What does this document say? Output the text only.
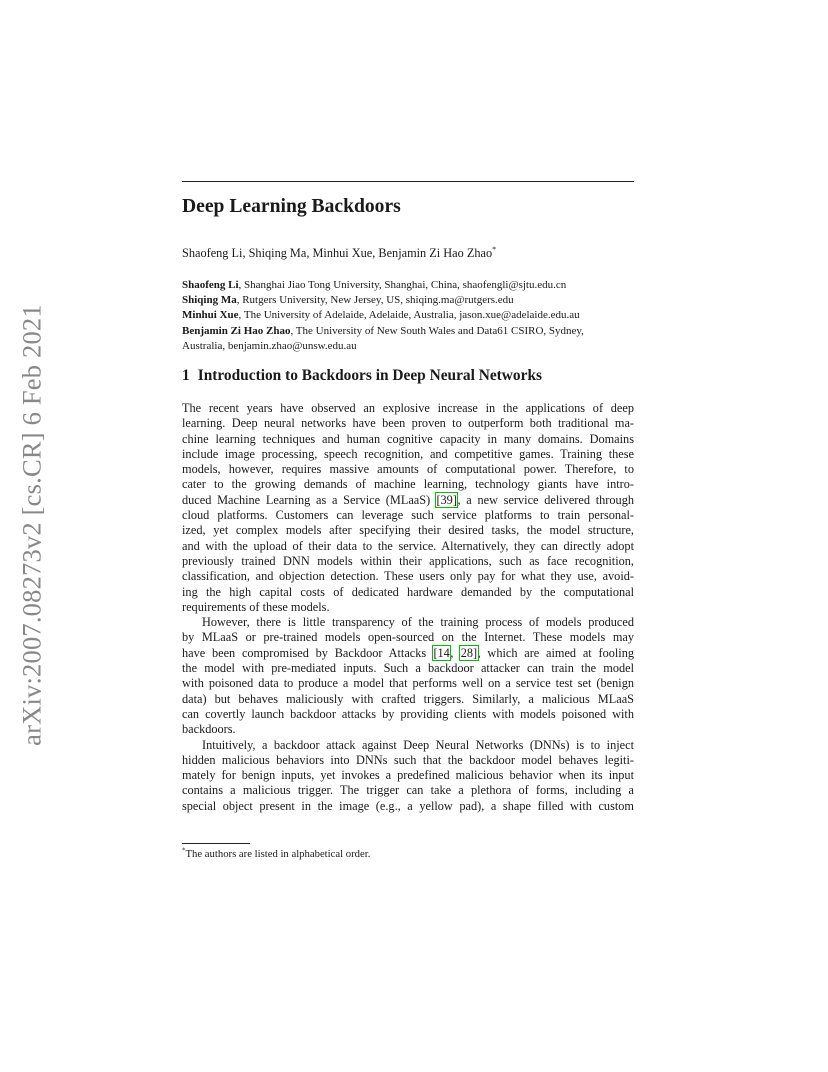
arXiv:2007.08273v2 [cs.CR] 6 Feb 2021
Deep Learning Backdoors
Shaofeng Li, Shiqing Ma, Minhui Xue, Benjamin Zi Hao Zhao*
Shaofeng Li, Shanghai Jiao Tong University, Shanghai, China, shaofengli@sjtu.edu.cn
Shiqing Ma, Rutgers University, New Jersey, US, shiqing.ma@rutgers.edu
Minhui Xue, The University of Adelaide, Adelaide, Australia, jason.xue@adelaide.edu.au
Benjamin Zi Hao Zhao, The University of New South Wales and Data61 CSIRO, Sydney,
Australia, benjamin.zhao@unsw.edu.au
1 Introduction to Backdoors in Deep Neural Networks
The recent years have observed an explosive increase in the applications of deep
learning. Deep neural networks have been proven to outperform both traditional ma-
chine learning techniques and human cognitive capacity in many domains. Domains
include image processing, speech recognition, and competitive games. Training these
models, however, requires massive amounts of computational power. Therefore, to
cater to the growing demands of machine learning, technology giants have intro-
duced Machine Learning as a Service (MLaaS) [39], a new service delivered through
cloud platforms. Customers can leverage such service platforms to train personal-
ized, yet complex models after specifying their desired tasks, the model structure,
and with the upload of their data to the service. Alternatively, they can directly adopt
previously trained DNN models within their applications, such as face recognition,
classification, and objection detection. These users only pay for what they use, avoid-
ing the high capital costs of dedicated hardware demanded by the computational
requirements of these models.
However, there is little transparency of the training process of models produced
by MLaaS or pre-trained models open-sourced on the Internet. These models may
have been compromised by Backdoor Attacks [14, 28], which are aimed at fooling
the model with pre-mediated inputs. Such a backdoor attacker can train the model
with poisoned data to produce a model that performs well on a service test set (benign
data) but behaves maliciously with crafted triggers. Similarly, a malicious MLaaS
can covertly launch backdoor attacks by providing clients with models poisoned with
backdoors.
Intuitively, a backdoor attack against Deep Neural Networks (DNNs) is to inject
hidden malicious behaviors into DNNs such that the backdoor model behaves legiti-
mately for benign inputs, yet invokes a predefined malicious behavior when its input
contains a malicious trigger. The trigger can take a plethora of forms, including a
special object present in the image (e.g., a yellow pad), a shape filled with custom
*The authors are listed in alphabetical order.
